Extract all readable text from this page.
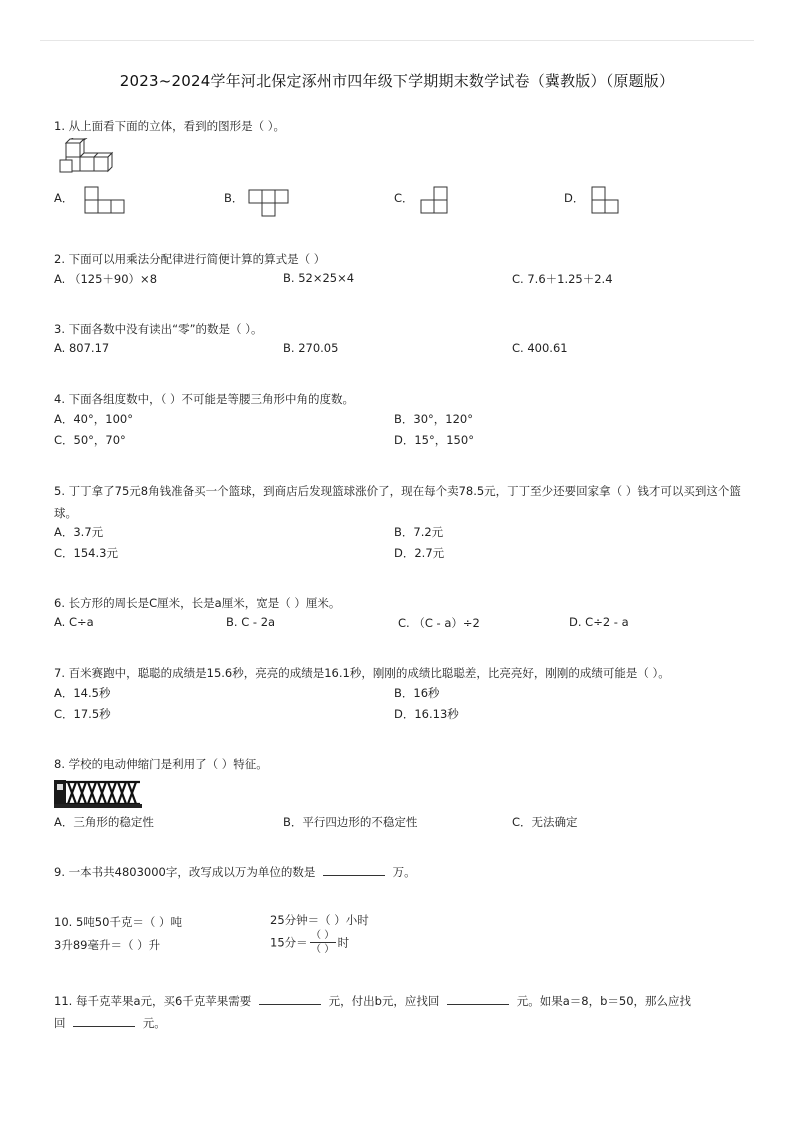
2023~2024学年河北保定涿州市四年级下学期期末数学试卷（冀教版）（原题版）
1. 从上面看下面的立体，看到的图形是（ ）。
A．	B．	C．	D．
2. 下面可以用乘法分配律进行简便计算的算式是（ ）
A. （125＋90）×8	B. 52×25×4	C. 7.6＋1.25＋2.4
3. 下面各数中没有读出“零”的数是（ ）。
A. 807.17	B. 270.05	C. 400.61
4. 下面各组度数中，（ ）不可能是等腰三角形中角的度数。
A．40°，100°	B．30°，120°
C．50°，70°	D．15°，150°
5. 丁丁拿了75元8角钱准备买一个篮球，到商店后发现篮球涨价了，现在每个卖78.5元，丁丁至少还要回家拿（ ）钱才可以买到这个篮球。
A．3.7元	B．7.2元
C．154.3元	D．2.7元
6. 长方形的周长是C厘米，长是a厘米，宽是（ ）厘米。
A. C÷a	B. C - 2a	C. （C - a）÷2	D. C÷2 - a
7. 百米赛跑中，聪聪的成绩是15.6秒，亮亮的成绩是16.1秒，刚刚的成绩比聪聪差，比亮亮好，刚刚的成绩可能是（ ）。
A．14.5秒	B．16秒
C．17.5秒	D．16.13秒
8. 学校的电动伸缩门是利用了（ ）特征。
A．三角形的稳定性	B．平行四边形的不稳定性	C．无法确定
9. 一本书共4803000字，改写成以万为单位的数是	万。
10. 5吨50千克＝（ ）吨	25分钟＝（ ）小时
3升89毫升＝（ ）升	15分＝ $\frac{( )}{( )}$ 时
11. 每千克苹果a元，买6千克苹果需要	元，付出b元，应找回	元。如果a＝8，b＝50，那么应找
回	元。
